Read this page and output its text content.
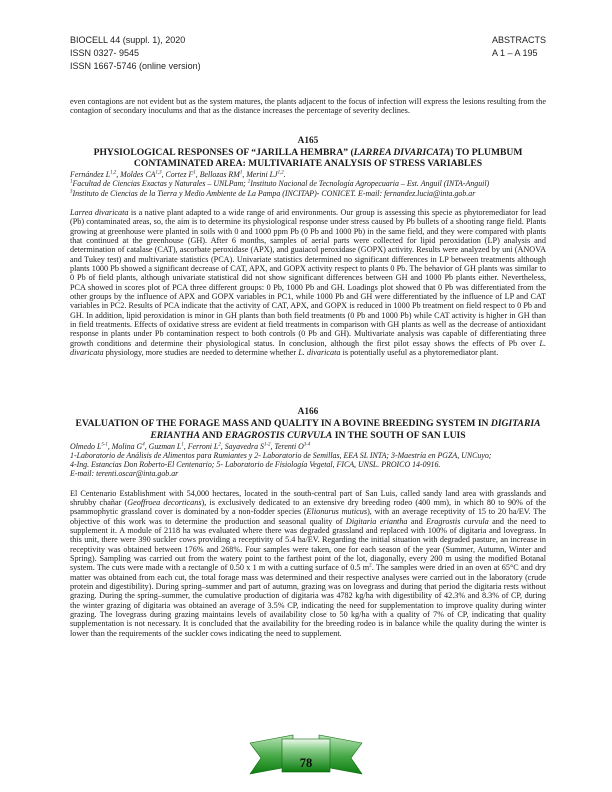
BIOCELL 44 (suppl. 1), 2020
ISSN 0327- 9545
ISSN 1667-5746 (online version)
ABSTRACTS
A 1 – A 195

even contagions are not evident but as the system matures, the plants adjacent to the focus of infection will express the lesions resulting from the contagion of secondary inoculums and that as the distance increases the percentage of severity declines.

A165
PHYSIOLOGICAL RESPONSES OF “JARILLA HEMBRA” (LARREA DIVARICATA) TO PLUMBUM CONTAMINATED AREA: MULTIVARIATE ANALYSIS OF STRESS VARIABLES
Fernández L$^{1,2}$, Moldes CA$^{1,3}$, Cortez $F^1$, Bellozas $RM^1$, Merini LJ$^{1,2}$.
$^1$Facultad de Ciencias Exactas y Naturales – UNLPam; $^2$Instituto Nacional de Tecnología Agropecuaria – Est. Anguil (INTA-Anguil)
$^3$Instituto de Ciencias de la Tierra y Medio Ambiente de La Pampa (INCITAP)- CONICET. E-mail: fernandez.lucia@inta.gob.ar

Larrea divaricata is a native plant adapted to a wide range of arid environments. Our group is assessing this specie as phytoremediator for lead (Pb) contaminated areas, so, the aim is to determine its physiological response under stress caused by Pb bullets of a shooting range field. Plants growing at greenhouse were planted in soils with 0 and 1000 ppm Pb (0 Pb and 1000 Pb) in the same field, and they were compared with plants that continued at the greenhouse (GH). After 6 months, samples of aerial parts were collected for lipid peroxidation (LP) analysis and determination of catalase (CAT), ascorbate peroxidase (APX), and guaiacol peroxidase (GOPX) activity. Results were analyzed by uni (ANOVA and Tukey test) and multivariate statistics (PCA). Univariate statistics determined no significant differences in LP between treatments although plants 1000 Pb showed a significant decrease of CAT, APX, and GOPX activity respect to plants 0 Pb. The behavior of GH plants was similar to 0 Pb of field plants, although univariate statistical did not show significant differences between GH and 1000 Pb plants either. Nevertheless, PCA showed in scores plot of PCA three different groups: 0 Pb, 1000 Pb and GH. Loadings plot showed that 0 Pb was differentiated from the other groups by the influence of APX and GOPX variables in PC1, while 1000 Pb and GH were differentiated by the influence of LP and CAT variables in PC2. Results of PCA indicate that the activity of CAT, APX, and GOPX is reduced in 1000 Pb treatment on field respect to 0 Pb and GH. In addition, lipid peroxidation is minor in GH plants than both field treatments (0 Pb and 1000 Pb) while CAT activity is higher in GH than in field treatments. Effects of oxidative stress are evident at field treatments in comparison with GH plants as well as the decrease of antioxidant response in plants under Pb contamination respect to both controls (0 Pb and GH). Multivariate analysis was capable of differentiating three growth conditions and determine their physiological status. In conclusion, although the first pilot essay shows the effects of Pb over L. divaricata physiology, more studies are needed to determine whether L. divaricata is potentially useful as a phytoremediator plant.

A166
EVALUATION OF THE FORAGE MASS AND QUALITY IN A BOVINE BREEDING SYSTEM IN DIGITARIA ERIANTHA AND ERAGROSTIS CURVULA IN THE SOUTH OF SAN LUIS
Olmedo $L^{5-1}$, Molina $G^4$, Guzman $L^1$, Ferroni $L^2$, Sayavedra $S^{1-2}$, Terenti $O^{3-4}$
1-Laboratorio de Análisis de Alimentos para Rumiantes y 2- Laboratorio de Semillas, EEA SL INTA; 3-Maestría en PGZA, UNCuyo;
4-Ing. Estancias Don Roberto-El Centenario; 5- Laboratorio de Fisiología Vegetal, FICA, UNSL. PROICO 14-0916.
E-mail: terenti.oscar@inta.gob.ar

El Centenario Establishment with 54,000 hectares, located in the south-central part of San Luis, called sandy land area with grasslands and shrubby chañar (Geoffroea decorticans), is exclusively dedicated to an extensive dry breeding rodeo (400 mm), in which 80 to 90% of the psammophytic grassland cover is dominated by a non-fodder species (Elionurus muticus), with an average receptivity of 15 to 20 ha/EV. The objective of this work was to determine the production and seasonal quality of Digitaria eriantha and Eragrostis curvula and the need to supplement it. A module of 2118 ha was evaluated where there was degraded grassland and replaced with 100% of digitaria and lovegrass. In this unit, there were 390 suckler cows providing a receptivity of 5.4 ha/EV. Regarding the initial situation with degraded pasture, an increase in receptivity was obtained between 176% and 268%. Four samples were taken, one for each season of the year (Summer, Autumn, Winter and Spring). Sampling was carried out from the watery point to the farthest point of the lot, diagonally, every 200 m using the modified Botanal system. The cuts were made with a rectangle of 0.50 x 1 m with a cutting surface of 0.5 $m^2$. The samples were dried in an oven at 65°C and dry matter was obtained from each cut, the total forage mass was determined and their respective analyses were carried out in the laboratory (crude protein and digestibility). During spring–summer and part of autumn, grazing was on lovegrass and during that period the digitaria rests without grazing. During the spring–summer, the cumulative production of digitaria was 4782 kg/ha with digestibility of 42.3% and 8.3% of CP, during the winter grazing of digitaria was obtained an average of 3.5% CP, indicating the need for supplementation to improve quality during winter grazing. The lovegrass during grazing maintains levels of availability close to 50 kg/ha with a quality of 7% of CP, indicating that quality supplementation is not necessary. It is concluded that the availability for the breeding rodeo is in balance while the quality during the winter is lower than the requirements of the suckler cows indicating the need to supplement.

78
